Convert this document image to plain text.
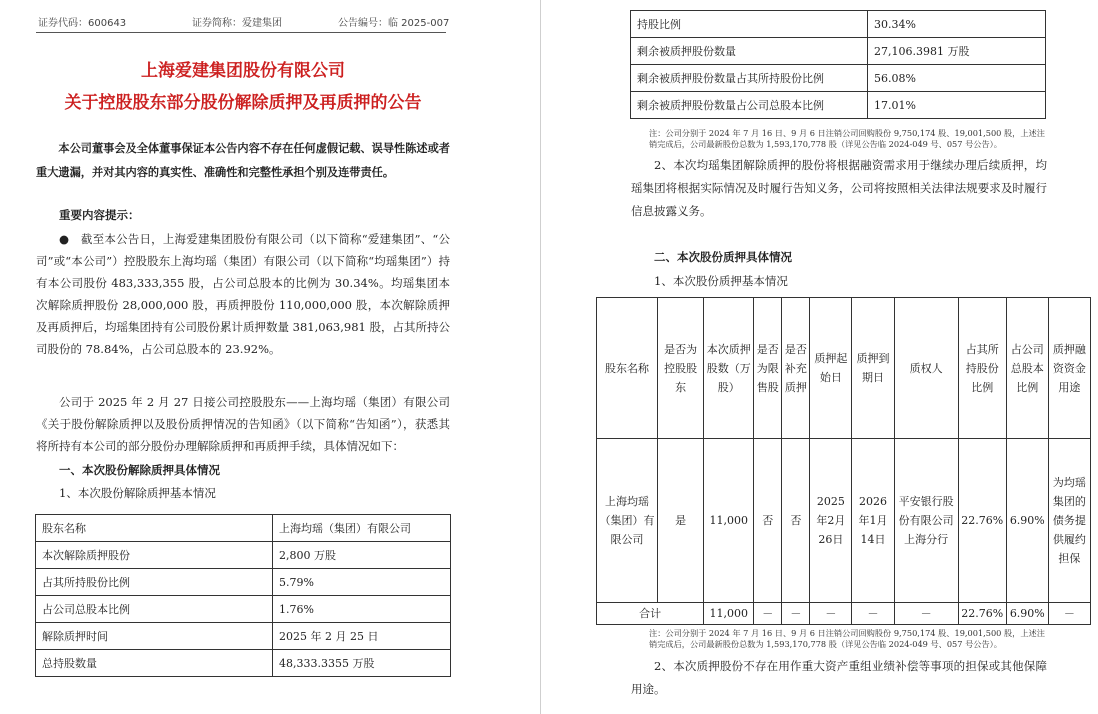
证券代码：600643	证券简称：爱建集团	公告编号：临 2025-007
上海爱建集团股份有限公司
关于控股股东部分股份解除质押及再质押的公告
本公司董事会及全体董事保证本公告内容不存在任何虚假记载、误导性陈述或者重大遗漏，并对其内容的真实性、准确性和完整性承担个别及连带责任。
重要内容提示：
●　截至本公告日，上海爱建集团股份有限公司（以下简称“爱建集团”、“公司”或“本公司”）控股股东上海均瑶（集团）有限公司（以下简称“均瑶集团”）持有本公司股份 483,333,355 股，占公司总股本的比例为 30.34%。均瑶集团本次解除质押股份 28,000,000 股，再质押股份 110,000,000 股，本次解除质押及再质押后，均瑶集团持有公司股份累计质押数量 381,063,981 股，占其所持公司股份的 78.84%，占公司总股本的 23.92%。
公司于 2025 年 2 月 27 日接公司控股股东——上海均瑶（集团）有限公司《关于股份解除质押以及股份质押情况的告知函》（以下简称“告知函”），获悉其将所持有本公司的部分股份办理解除质押和再质押手续，具体情况如下：
一、本次股份解除质押具体情况
1、本次股份解除质押基本情况
股东名称	上海均瑶（集团）有限公司
本次解除质押股份	2,800 万股
占其所持股份比例	5.79%
占公司总股本比例	1.76%
解除质押时间	2025 年 2 月 25 日
总持股数量	48,333.3355 万股
持股比例	30.34%
剩余被质押股份数量	27,106.3981 万股
剩余被质押股份数量占其所持股份比例	56.08%
剩余被质押股份数量占公司总股本比例	17.01%
注：公司分别于 2024 年 7 月 16 日、9 月 6 日注销公司回购股份 9,750,174 股、19,001,500 股，上述注销完成后，公司最新股份总数为 1,593,170,778 股（详见公告临 2024-049 号、057 号公告）。
2、本次均瑶集团解除质押的股份将根据融资需求用于继续办理后续质押，均瑶集团将根据实际情况及时履行告知义务，公司将按照相关法律法规要求及时履行信息披露义务。
二、本次股份质押具体情况
1、本次股份质押基本情况
股东名称	是否为控股股东	本次质押股数（万股）	是否为限售股	是否补充质押	质押起始日	质押到期日	质权人	占其所持股份比例	占公司总股本比例	质押融资资金用途
上海均瑶（集团）有限公司	是	11,000	否	否	2025年2月26日	2026年1月14日	平安银行股份有限公司上海分行	22.76%	6.90%	为均瑶集团的债务提供履约担保
合计		11,000	－	－	－	－	－	22.76%	6.90%	－
注：公司分别于 2024 年 7 月 16 日、9 月 6 日注销公司回购股份 9,750,174 股、19,001,500 股，上述注销完成后，公司最新股份总数为 1,593,170,778 股（详见公告临 2024-049 号、057 号公告）。
2、本次质押股份不存在用作重大资产重组业绩补偿等事项的担保或其他保障用途。
